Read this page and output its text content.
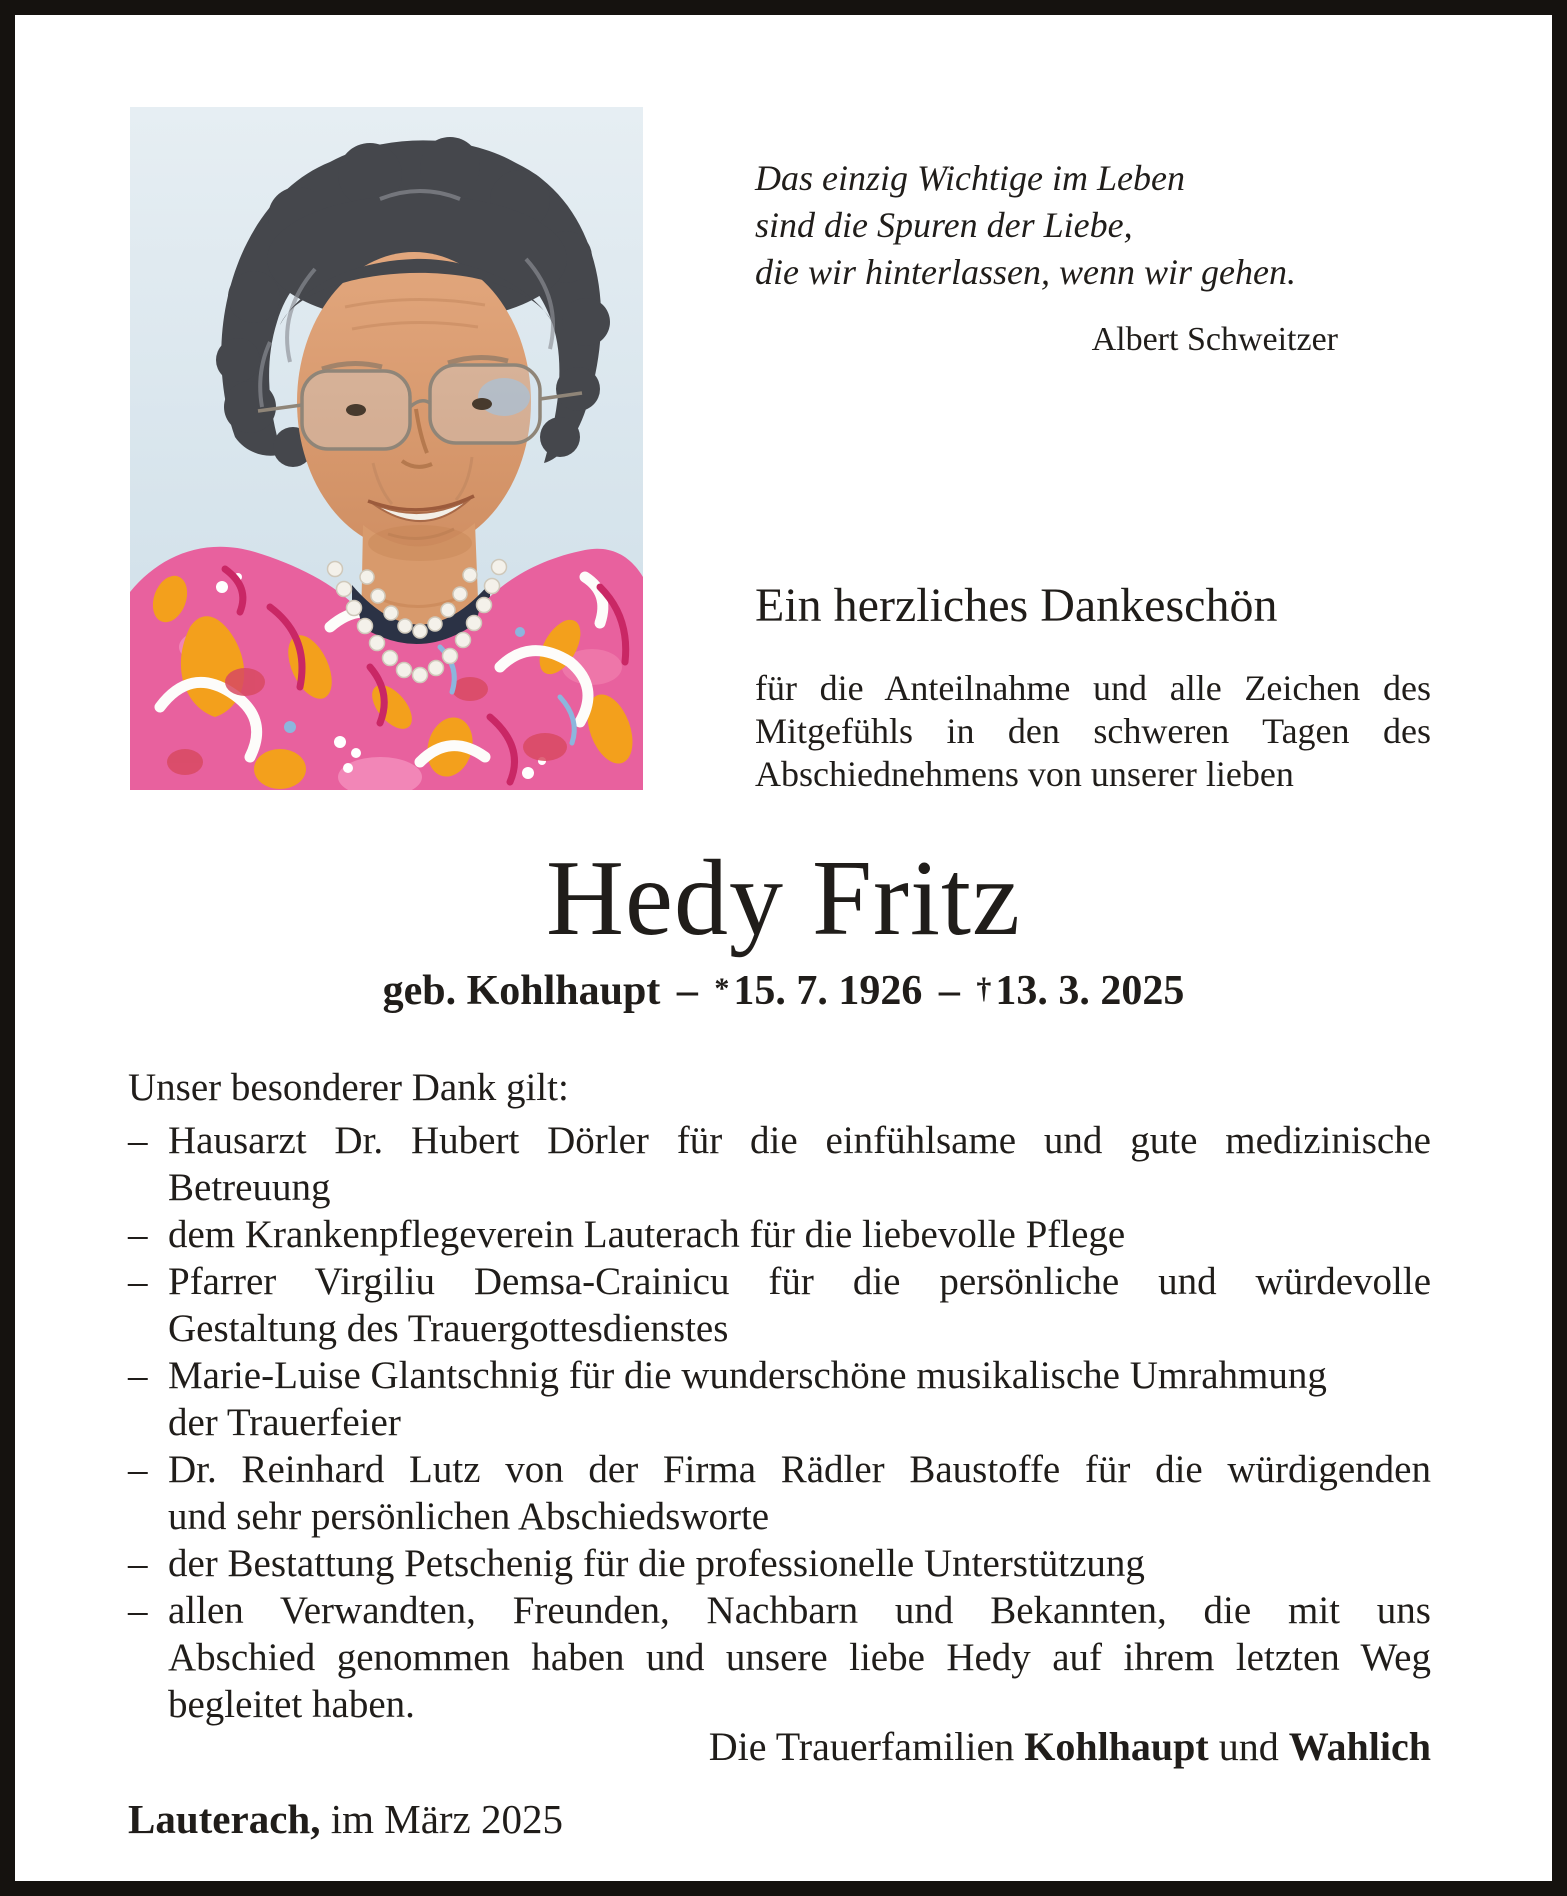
Das einzig Wichtige im Leben
sind die Spuren der Liebe,
die wir hinterlassen, wenn wir gehen.
Albert Schweitzer
Ein herzliches Dankeschön
für die Anteilnahme und alle Zeichen des
Mitgefühls in den schweren Tagen des
Abschiednehmens von unserer lieben
Hedy Fritz
geb. Kohlhaupt – *15. 7. 1926 – †13. 3. 2025
Unser besonderer Dank gilt:
– Hausarzt Dr. Hubert Dörler für die einfühlsame und gute medizinische
Betreuung
– dem Krankenpflegeverein Lauterach für die liebevolle Pflege
– Pfarrer Virgiliu Demsa-Crainicu für die persönliche und würdevolle
Gestaltung des Trauergottesdienstes
– Marie-Luise Glantschnig für die wunderschöne musikalische Umrahmung
der Trauerfeier
– Dr. Reinhard Lutz von der Firma Rädler Baustoffe für die würdigenden
und sehr persönlichen Abschiedsworte
– der Bestattung Petschenig für die professionelle Unterstützung
– allen Verwandten, Freunden, Nachbarn und Bekannten, die mit uns
Abschied genommen haben und unsere liebe Hedy auf ihrem letzten Weg
begleitet haben.
Die Trauerfamilien Kohlhaupt und Wahlich
Lauterach, im März 2025
